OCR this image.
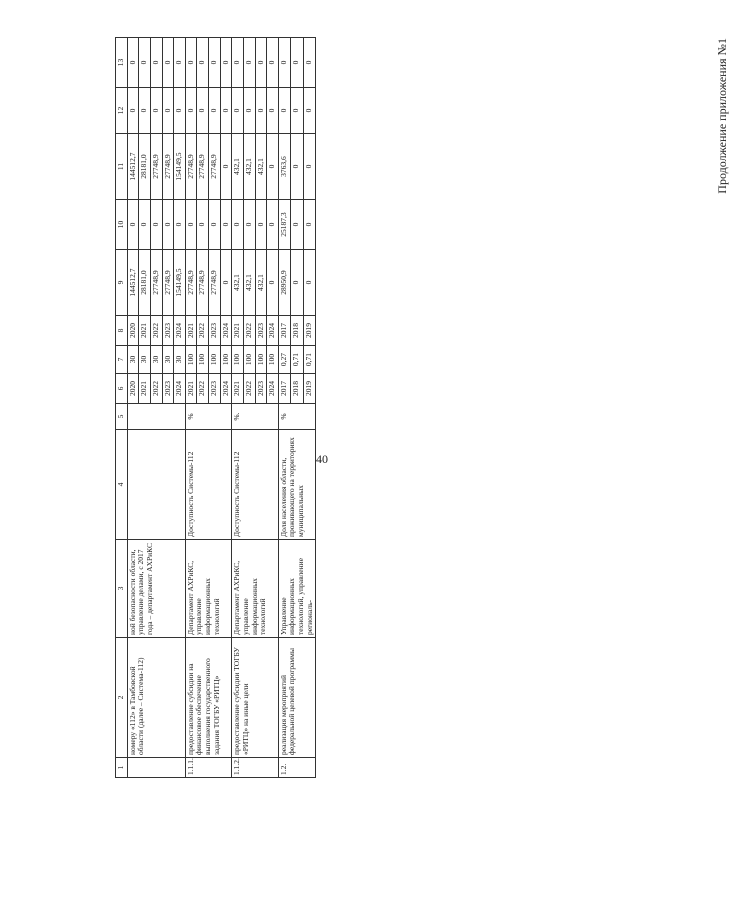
40
1	2	3	4	5	6	7	8	9	10	11	12	13
	номеру «112» в Тамбовской области (далее – Система-112)	ной безопасности области, управление делами, с 2017 года – департамент АХРиКС			2020	30	2020	144512,7	0	144512,7	0	0
					2021	30	2021	28181,0	0	28181,0	0	0
					2022	30	2022	27748,9	0	27748,9	0	0
					2023	30	2023	27748,9	0	27748,9	0	0
					2024	30	2024	154149,5	0	154149,5	0	0
1.1.1.	предоставление субсидии на финансовое обеспечение выполнения государственного задания ТОГБУ «РИТЦ»	Департамент АХРиКС, управление информационных технологий	Доступность Системы-112	%	2021	100	2021	27748,9	0	27748,9	0	0
					2022	100	2022	27748,9	0	27748,9	0	0
					2023	100	2023	27748,9	0	27748,9	0	0
					2024	100	2024	0	0	0	0	0
1.1.2.	предоставление субсидии ТОГБУ «РИТЦ» на иные цели	Департамент АХРиКС, управление информационных технологий	Доступность Системы-112	%.	2021	100	2021	432,1	0	432,1	0	0
					2022	100	2022	432,1	0	432,1	0	0
					2023	100	2023	432,1	0	432,1	0	0
					2024	100	2024	0	0	0	0	0
1.2.	реализация мероприятий федеральной целевой программы	Управление информационных технологий, управление региональ-	Доля населения области, проживающего на территориях муниципальных	%	2017	0,27	2017	28950,9	25187,3	3763,6	0	0
					2018	0,71	2018	0	0	0	0	0
					2019	0,71	2019	0	0	0	0	0	Продолжение приложения №1
